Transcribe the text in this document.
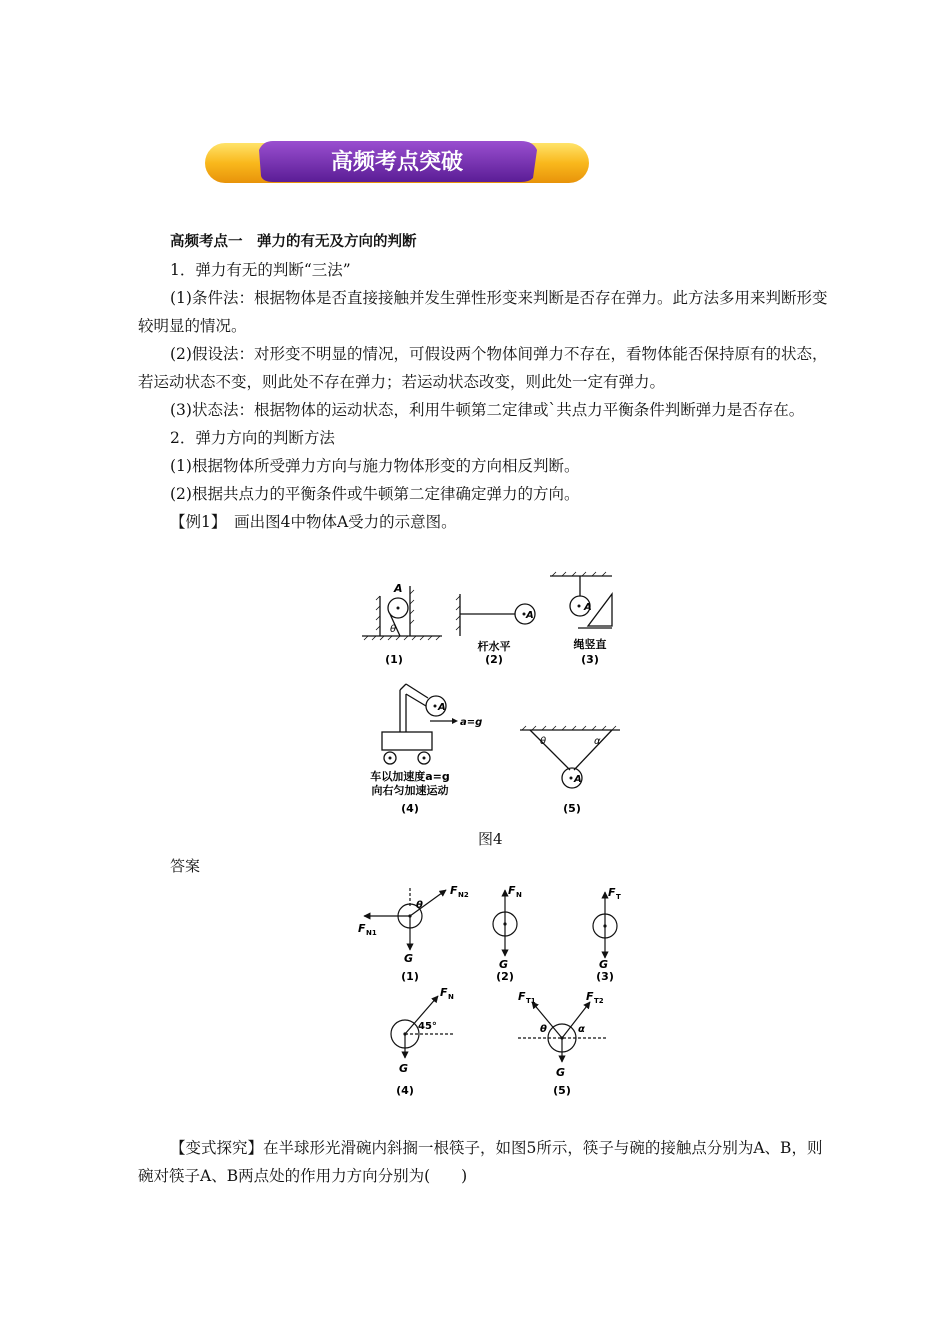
高频考点突破

高频考点一　弹力的有无及方向的判断

1．弹力有无的判断“三法”

(1)条件法：根据物体是否直接接触并发生弹性形变来判断是否存在弹力。此方法多用来判断形变较明显的情况。

(2)假设法：对形变不明显的情况，可假设两个物体间弹力不存在，看物体能否保持原有的状态，若运动状态不变，则此处不存在弹力；若运动状态改变，则此处一定有弹力。

(3)状态法：根据物体的运动状态，利用牛顿第二定律或`共点力平衡条件判断弹力是否存在。

2．弹力方向的判断方法

(1)根据物体所受弹力方向与施力物体形变的方向相反判断。

(2)根据共点力的平衡条件或牛顿第二定律确定弹力的方向。

【例1】　画出图4中物体A受力的示意图。

A
θ
(1)
A
杆水平
(2)
A
绳竖直
(3)
A
a=g
车以加速度a=g
向右匀加速运动
(4)
A
θ	α
(5)
图4
答案
F N1
F N2
θ
G
(1)
F N
G
(2)
F T
G
(3)
F N
45°
G
(4)
F T1	F T2
θ	α
G
(5)

【变式探究】在半球形光滑碗内斜搁一根筷子，如图5所示，筷子与碗的接触点分别为A、B，则碗对筷子A、B两点处的作用力方向分别为(　　)
